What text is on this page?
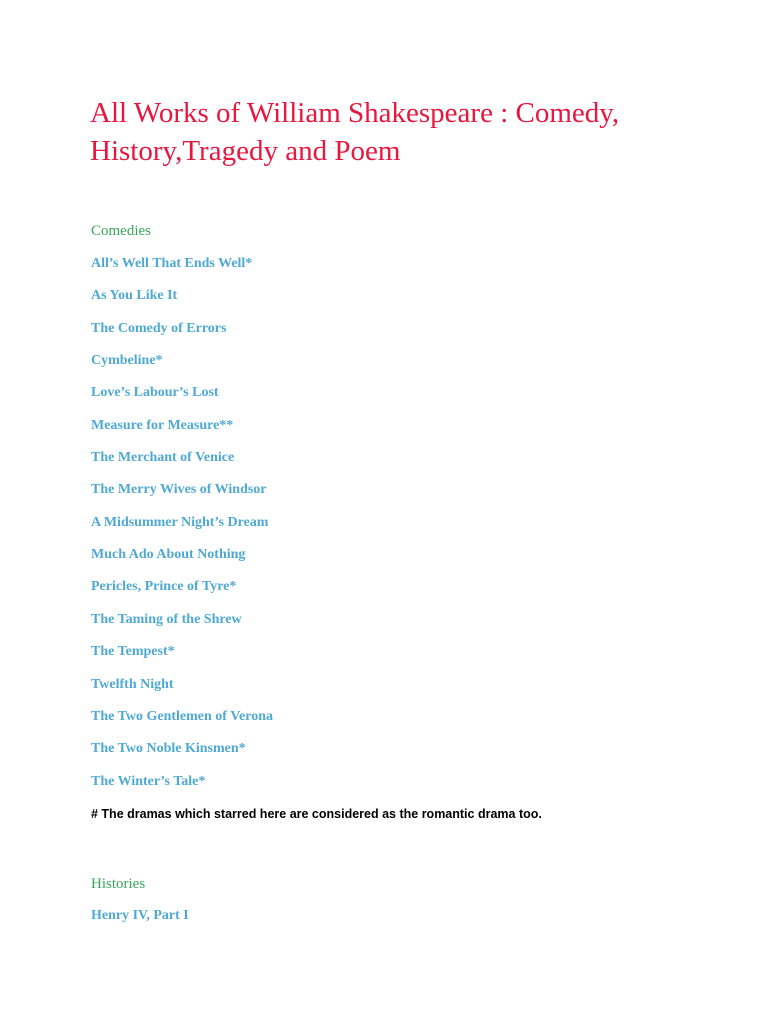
All Works of William Shakespeare : Comedy, History,Tragedy and Poem
Comedies

All’s Well That Ends Well*

As You Like It

The Comedy of Errors

Cymbeline*

Love’s Labour’s Lost

Measure for Measure**

The Merchant of Venice

The Merry Wives of Windsor

A Midsummer Night’s Dream

Much Ado About Nothing

Pericles, Prince of Tyre*

The Taming of the Shrew

The Tempest*

Twelfth Night

The Two Gentlemen of Verona

The Two Noble Kinsmen*

The Winter’s Tale*

# The dramas which starred here are considered as the romantic drama too.

Histories

Henry IV, Part I
